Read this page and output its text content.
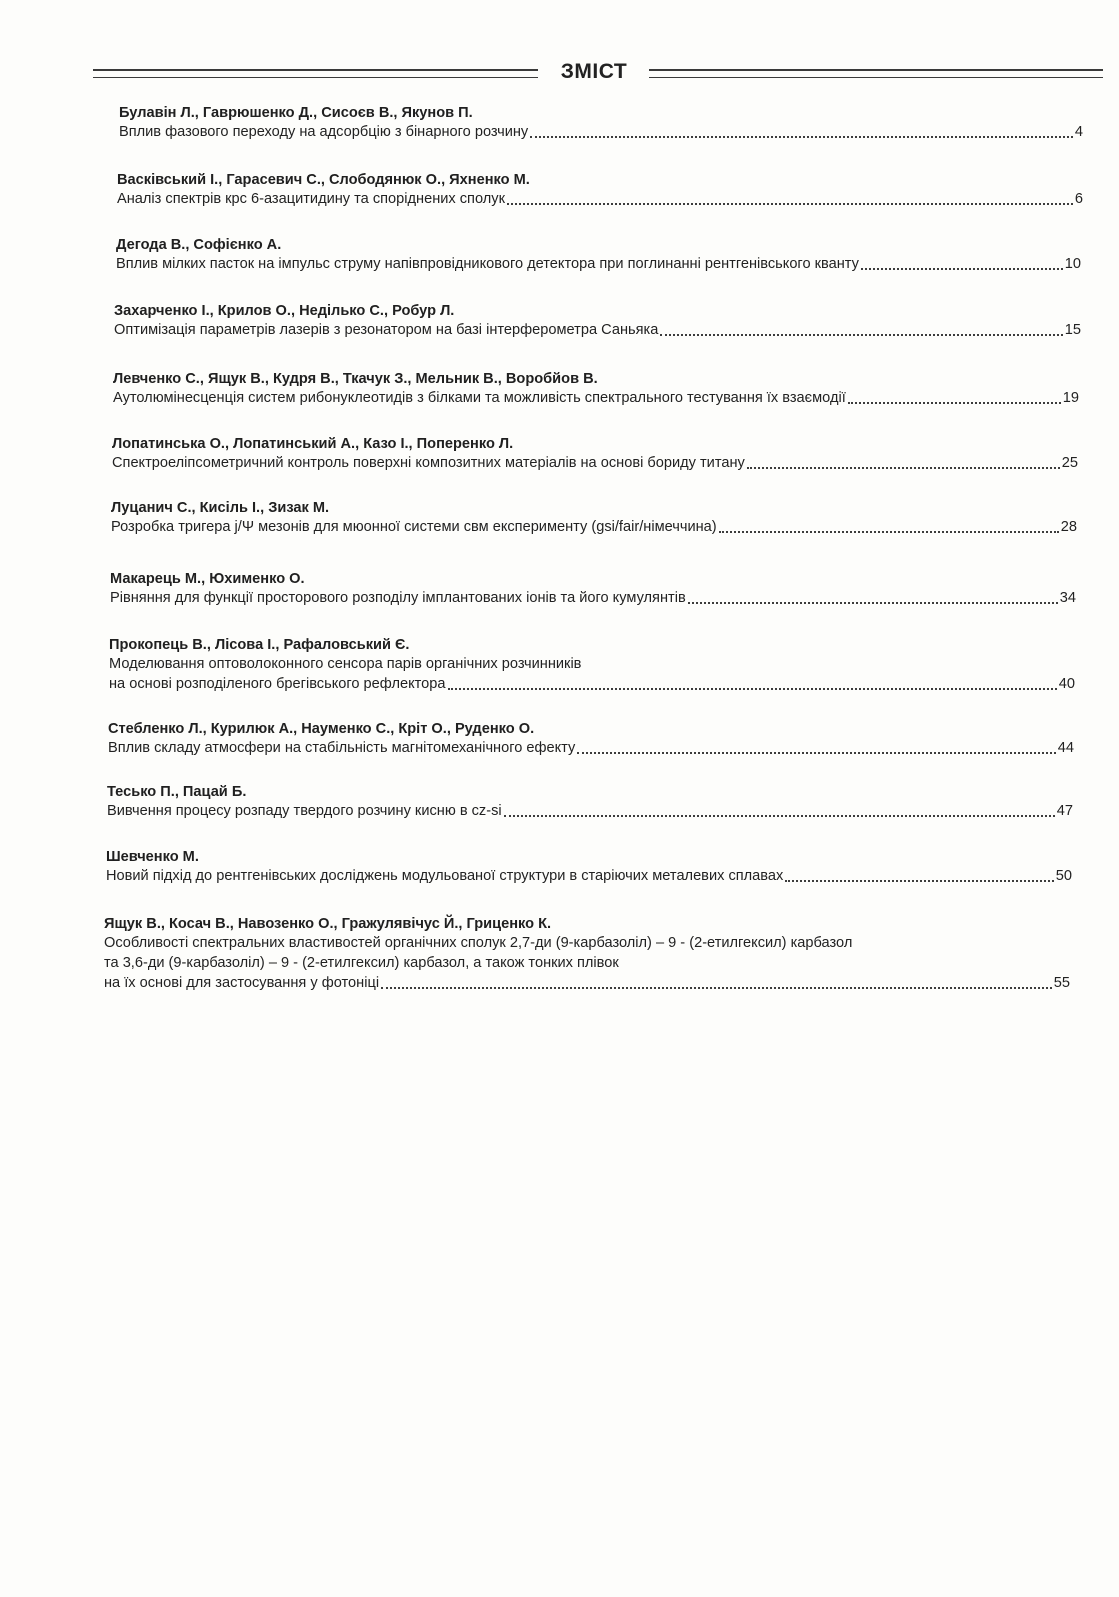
ЗМІСТ
Булавін Л., Гаврюшенко Д., Сисоєв В., Якунов П.
Вплив фазового переходу на адсорбцію з бінарного розчину	4
Васківський І., Гарасевич С., Слободянюк О., Яхненко М.
Аналіз спектрів крс 6-азацитидину та споріднених сполук	6
Дегода В., Софієнко А.
Вплив мілких пасток на імпульс струму напівпровідникового детектора при поглинанні рентгенівського кванту	10
Захарченко І., Крилов О., Неділько С., Робур Л.
Оптимізація параметрів лазерів з резонатором на базі інтерферометра Саньяка	15
Левченко С., Ящук В., Кудря В., Ткачук З., Мельник В., Воробйов В.
Аутолюмінесценція систем рибонуклеотидів з білками та можливість спектрального тестування їх взаємодії	19
Лопатинська О., Лопатинський А., Казо І., Поперенко Л.
Спектроеліпсометричний контроль поверхні композитних матеріалів на основі бориду титану	25
Луцанич С., Кисіль І., Зизак М.
Розробка тригера j/Ψ мезонів для мюонної системи свм експерименту (gsi/fair/німеччина)	28
Макарець М., Юхименко О.
Рівняння для функції просторового розподілу імплантованих іонів та його кумулянтів	34
Прокопець В., Лісова І., Рафаловський Є.
Моделювання оптоволоконного сенсора парів органічних розчинників
на основі розподіленого брегівського рефлектора	40
Стебленко Л., Курилюк А., Науменко С., Кріт О., Руденко О.
Вплив складу атмосфери на стабільність магнітомеханічного ефекту	44
Тесько П., Пацай Б.
Вивчення процесу розпаду твердого розчину кисню в cz-si	47
Шевченко М.
Новий підхід до рентгенівських досліджень модульованої структури в старіючих металевих сплавах	50
Ящук В., Косач В., Навозенко О., Гражулявічус Й., Гриценко К.
Особливості спектральних властивостей органічних сполук 2,7-ди (9-карбазоліл) – 9 - (2-етилгексил) карбазол
та 3,6-ди (9-карбазоліл) – 9 - (2-етилгексил) карбазол, а також тонких плівок
на їх основі для застосування у фотоніці	55
